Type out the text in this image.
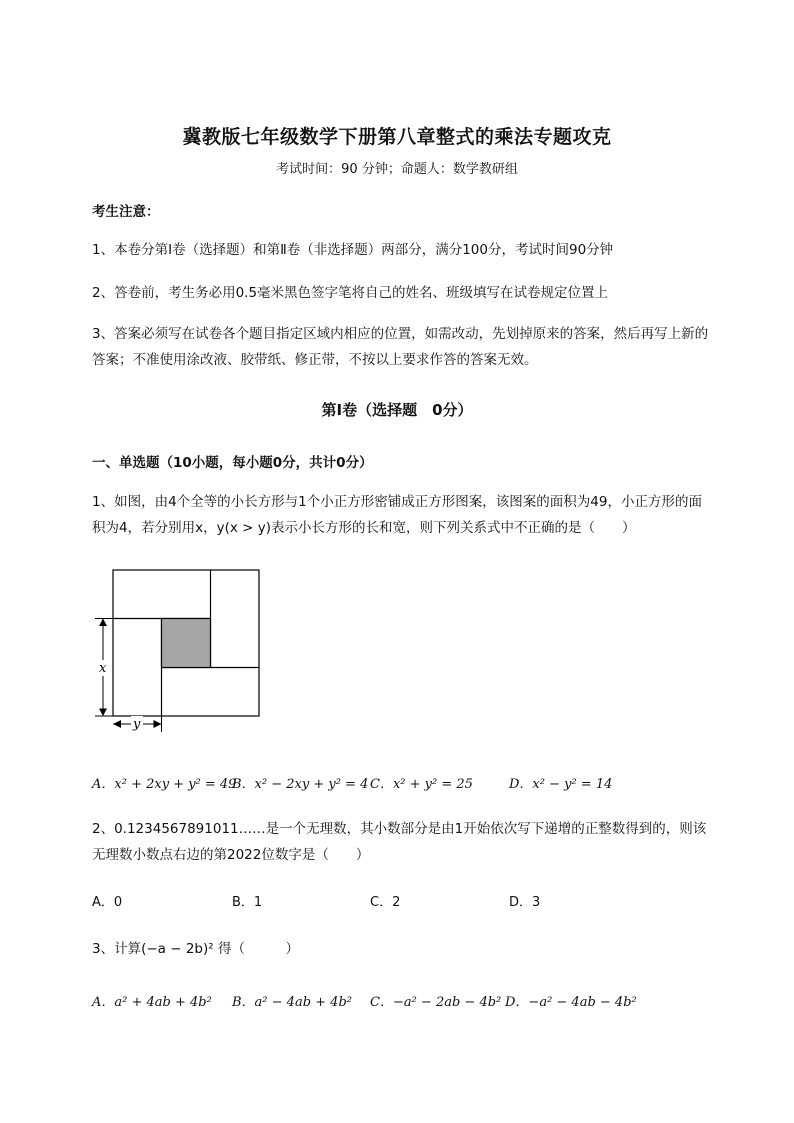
冀教版七年级数学下册第八章整式的乘法专题攻克
考试时间：90 分钟；命题人：数学教研组
考生注意：
1、本卷分第Ⅰ卷（选择题）和第Ⅱ卷（非选择题）两部分，满分100分，考试时间90分钟
2、答卷前，考生务必用0.5毫米黑色签字笔将自己的姓名、班级填写在试卷规定位置上
3、答案必须写在试卷各个题目指定区域内相应的位置，如需改动，先划掉原来的答案，然后再写上新的答案；不准使用涂改液、胶带纸、修正带，不按以上要求作答的答案无效。
第Ⅰ卷（选择题　0分）
一、单选题（10小题，每小题0分，共计0分）
1、如图，由4个全等的小长方形与1个小正方形密铺成正方形图案，该图案的面积为49，小正方形的面积为4，若分别用x，y(x > y)表示小长方形的长和宽，则下列关系式中不正确的是（　　）
x
y
A．x² + 2xy + y² = 49
B．x² − 2xy + y² = 4 C．x² + y² = 25	D．x² − y² = 14
2、0.1234567891011……是一个无理数，其小数部分是由1开始依次写下递增的正整数得到的，则该无理数小数点右边的第2022位数字是（　　）
A．0	B．1	C．2	D．3
3、计算(−a − 2b)² 得（　　　）
A．a² + 4ab + 4b² B．a² − 4ab + 4b² C．−a² − 2ab − 4b² D．−a² − 4ab − 4b²
